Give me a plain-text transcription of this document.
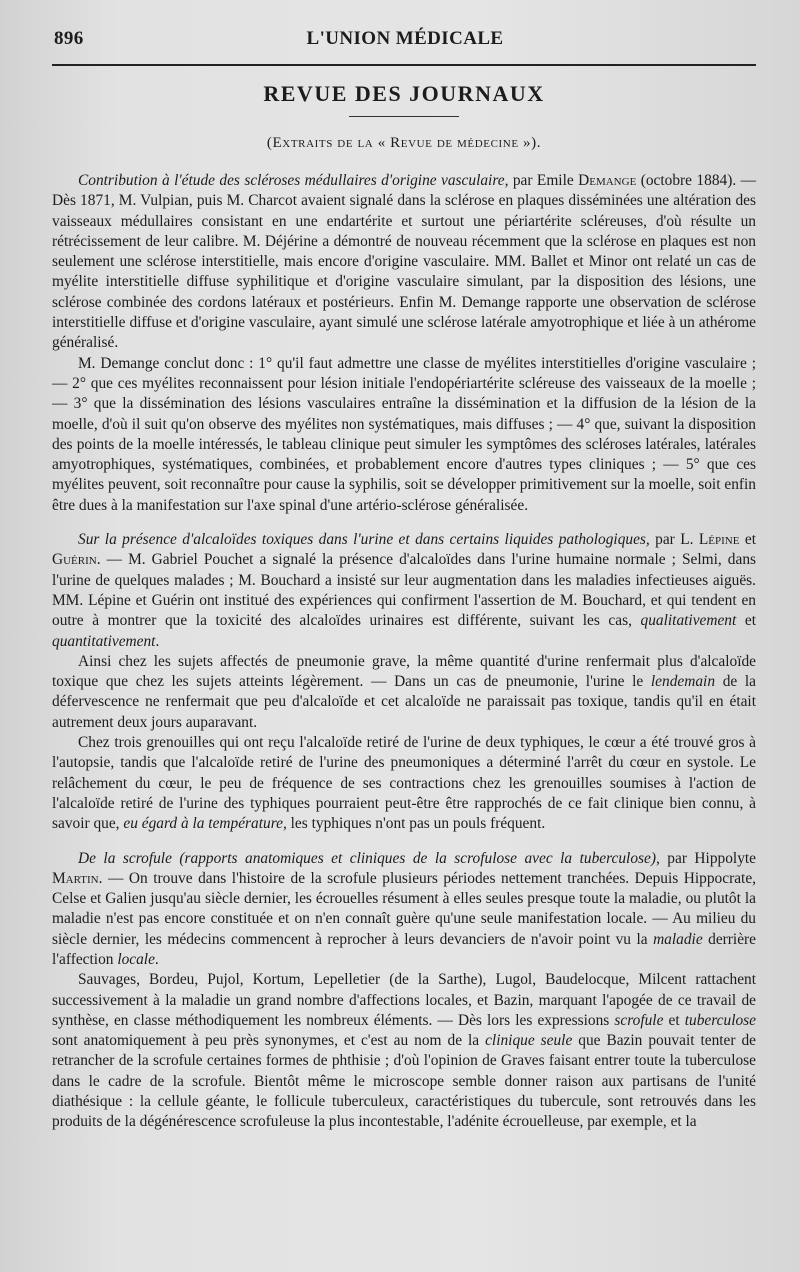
896	L'UNION MÉDICALE
REVUE DES JOURNAUX
(Extraits de la « Revue de médecine »).

Contribution à l'étude des scléroses médullaires d'origine vasculaire, par Emile Demange (octobre 1884). — Dès 1871, M. Vulpian, puis M. Charcot avaient signalé dans la sclérose en plaques disséminées une altération des vaisseaux médullaires consistant en une endartérite et surtout une périartérite scléreuses, d'où résulte un rétrécissement de leur calibre. M. Déjérine a démontré de nouveau récemment que la sclérose en plaques est non seulement une sclérose interstitielle, mais encore d'origine vasculaire. MM. Ballet et Minor ont relaté un cas de myélite interstitielle diffuse syphilitique et d'origine vasculaire simulant, par la disposition des lésions, une sclérose combinée des cordons latéraux et postérieurs. Enfin M. Demange rapporte une observation de sclérose interstitielle diffuse et d'origine vasculaire, ayant simulé une sclérose latérale amyotrophique et liée à un athérome généralisé.

M. Demange conclut donc : 1° qu'il faut admettre une classe de myélites interstitielles d'origine vasculaire ; — 2° que ces myélites reconnaissent pour lésion initiale l'endopériartérite scléreuse des vaisseaux de la moelle ; — 3° que la dissémination des lésions vasculaires entraîne la dissémination et la diffusion de la lésion de la moelle, d'où il suit qu'on observe des myélites non systématiques, mais diffuses ; — 4° que, suivant la disposition des points de la moelle intéressés, le tableau clinique peut simuler les symptômes des scléroses latérales, latérales amyotrophiques, systématiques, combinées, et probablement encore d'autres types cliniques ; — 5° que ces myélites peuvent, soit reconnaître pour cause la syphilis, soit se développer primitivement sur la moelle, soit enfin être dues à la manifestation sur l'axe spinal d'une artério-sclérose généralisée.

Sur la présence d'alcaloïdes toxiques dans l'urine et dans certains liquides pathologiques, par L. Lépine et Guérin. — M. Gabriel Pouchet a signalé la présence d'alcaloïdes dans l'urine humaine normale ; Selmi, dans l'urine de quelques malades ; M. Bouchard a insisté sur leur augmentation dans les maladies infectieuses aiguës. MM. Lépine et Guérin ont institué des expériences qui confirment l'assertion de M. Bouchard, et qui tendent en outre à montrer que la toxicité des alcaloïdes urinaires est différente, suivant les cas, qualitativement et quantitativement.

Ainsi chez les sujets affectés de pneumonie grave, la même quantité d'urine renfermait plus d'alcaloïde toxique que chez les sujets atteints légèrement. — Dans un cas de pneumonie, l'urine le lendemain de la défervescence ne renfermait que peu d'alcaloïde et cet alcaloïde ne paraissait pas toxique, tandis qu'il en était autrement deux jours auparavant.

Chez trois grenouilles qui ont reçu l'alcaloïde retiré de l'urine de deux typhiques, le cœur a été trouvé gros à l'autopsie, tandis que l'alcaloïde retiré de l'urine des pneumoniques a déterminé l'arrêt du cœur en systole. Le relâchement du cœur, le peu de fréquence de ses contractions chez les grenouilles soumises à l'action de l'alcaloïde retiré de l'urine des typhiques pourraient peut-être être rapprochés de ce fait clinique bien connu, à savoir que, eu égard à la température, les typhiques n'ont pas un pouls fréquent.

De la scrofule (rapports anatomiques et cliniques de la scrofulose avec la tuberculose), par Hippolyte Martin. — On trouve dans l'histoire de la scrofule plusieurs périodes nettement tranchées. Depuis Hippocrate, Celse et Galien jusqu'au siècle dernier, les écrouelles résument à elles seules presque toute la maladie, ou plutôt la maladie n'est pas encore constituée et on n'en connaît guère qu'une seule manifestation locale. — Au milieu du siècle dernier, les médecins commencent à reprocher à leurs devanciers de n'avoir point vu la maladie derrière l'affection locale.

Sauvages, Bordeu, Pujol, Kortum, Lepelletier (de la Sarthe), Lugol, Baudelocque, Milcent rattachent successivement à la maladie un grand nombre d'affections locales, et Bazin, marquant l'apogée de ce travail de synthèse, en classe méthodiquement les nombreux éléments. — Dès lors les expressions scrofule et tuberculose sont anatomiquement à peu près synonymes, et c'est au nom de la clinique seule que Bazin pouvait tenter de retrancher de la scrofule certaines formes de phthisie ; d'où l'opinion de Graves faisant entrer toute la tuberculose dans le cadre de la scrofule. Bientôt même le microscope semble donner raison aux partisans de l'unité diathésique : la cellule géante, le follicule tuberculeux, caractéristiques du tubercule, sont retrouvés dans les produits de la dégénérescence scrofuleuse la plus incontestable, l'adénite écrouelleuse, par exemple, et la
